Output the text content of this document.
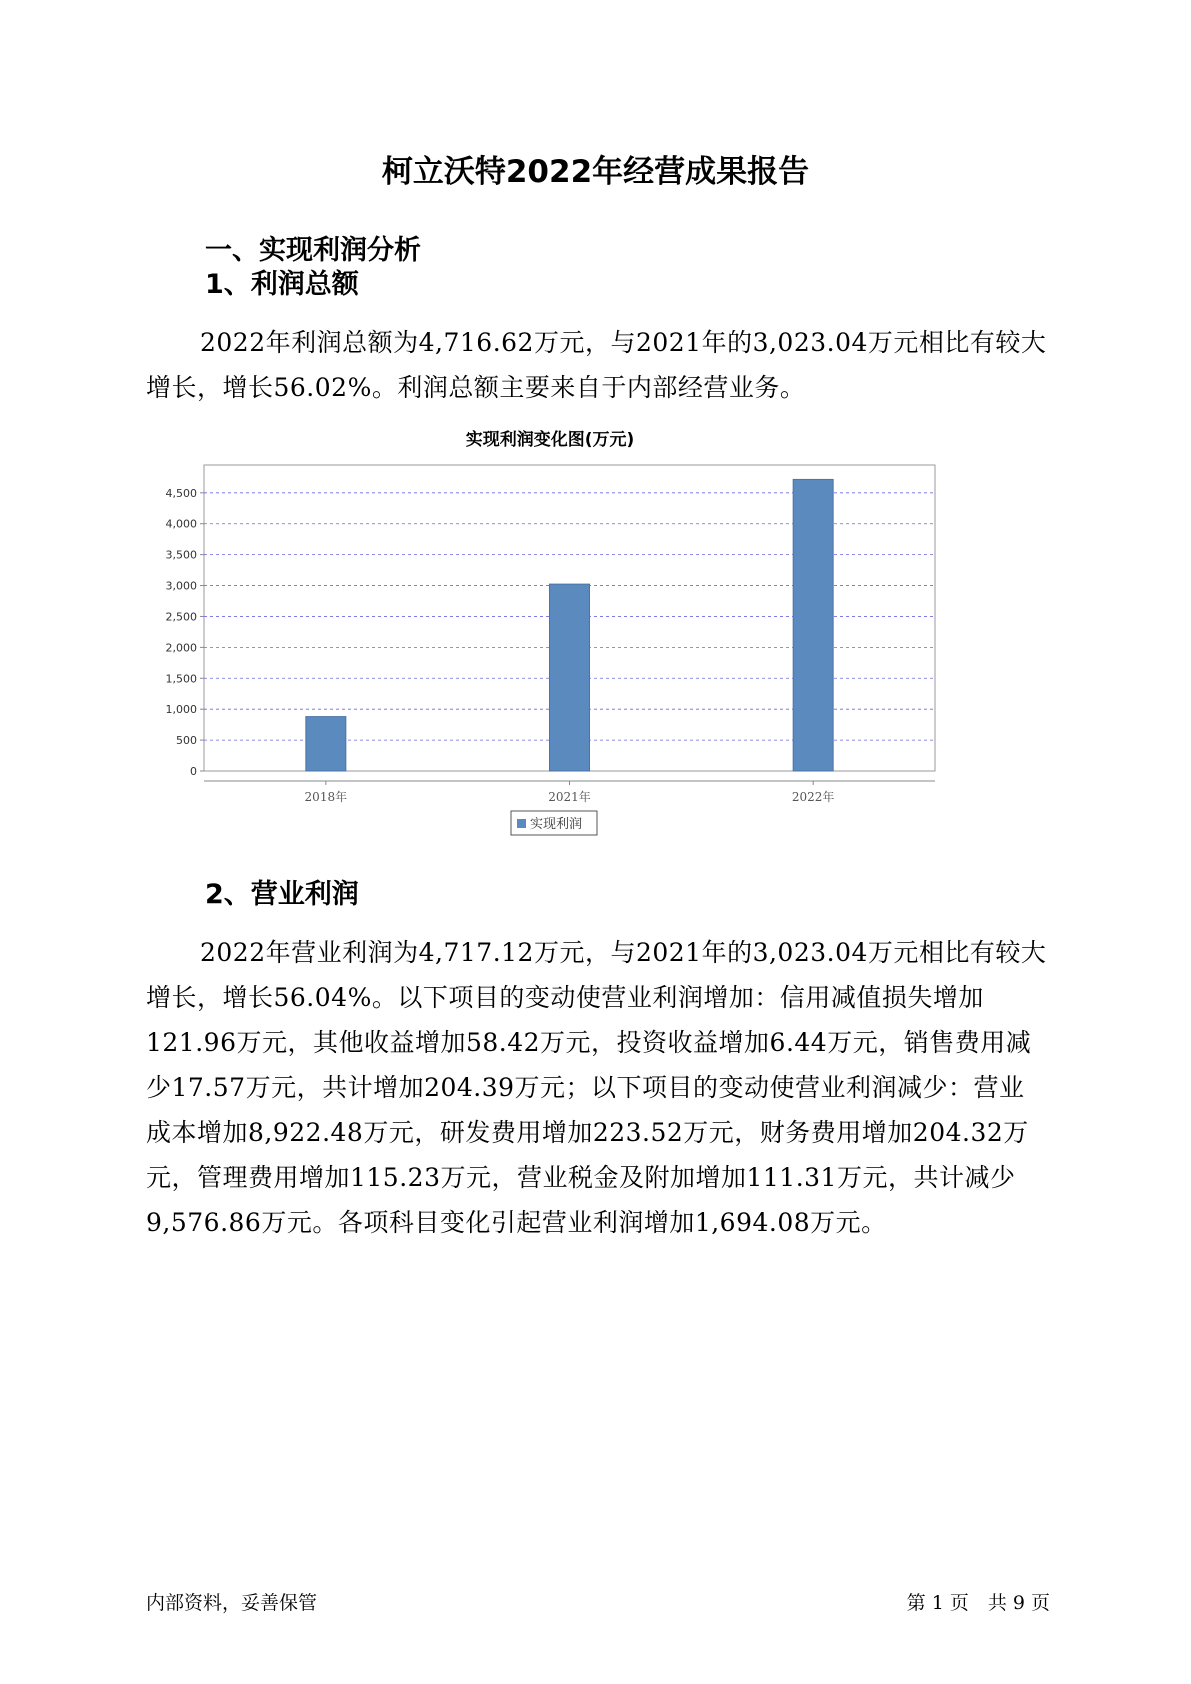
柯立沃特2022年经营成果报告
一、实现利润分析
1、利润总额
2022年利润总额为4,716.62万元，与2021年的3,023.04万元相比有较大增长，增长56.02%。利润总额主要来自于内部经营业务。
实现利润变化图(万元)
0
500
1,000
1,500
2,000
2,500
3,000
3,500
4,000
4,500
2018年	2021年	2022年
实现利润
2、营业利润
2022年营业利润为4,717.12万元，与2021年的3,023.04万元相比有较大增长，增长56.04%。以下项目的变动使营业利润增加：信用减值损失增加121.96万元，其他收益增加58.42万元，投资收益增加6.44万元，销售费用减少17.57万元，共计增加204.39万元；以下项目的变动使营业利润减少：营业成本增加8,922.48万元，研发费用增加223.52万元，财务费用增加204.32万元，管理费用增加115.23万元，营业税金及附加增加111.31万元，共计减少9,576.86万元。各项科目变化引起营业利润增加1,694.08万元。
内部资料，妥善保管	第 1 页　共 9 页
